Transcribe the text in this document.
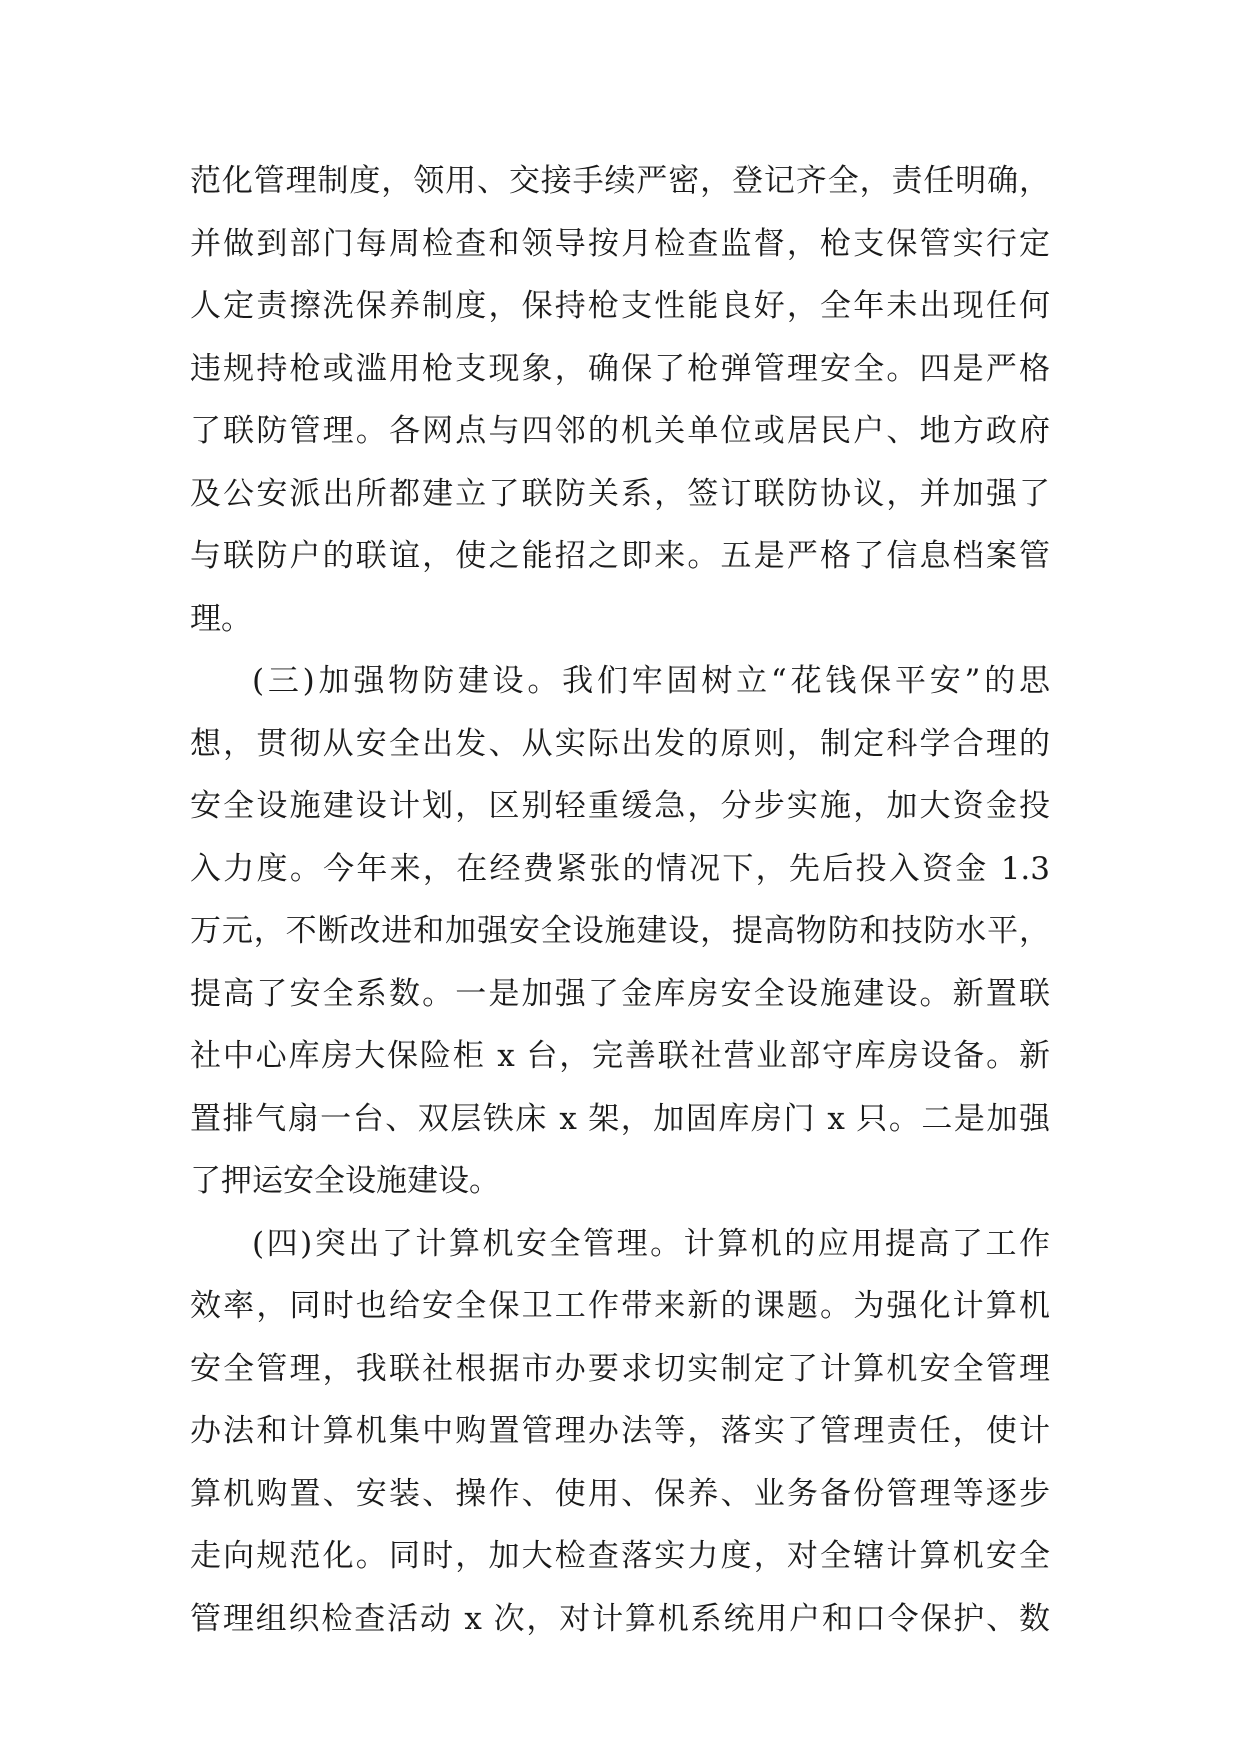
范化管理制度，领用、交接手续严密，登记齐全，责任明确，
并做到部门每周检查和领导按月检查监督，枪支保管实行定
人定责擦洗保养制度，保持枪支性能良好，全年未出现任何
违规持枪或滥用枪支现象，确保了枪弹管理安全。四是严格
了联防管理。各网点与四邻的机关单位或居民户、地方政府
及公安派出所都建立了联防关系，签订联防协议，并加强了
与联防户的联谊，使之能招之即来。五是严格了信息档案管
理。
(三)加强物防建设。我们牢固树立“花钱保平安”的思
想，贯彻从安全出发、从实际出发的原则，制定科学合理的
安全设施建设计划，区别轻重缓急，分步实施，加大资金投
入力度。今年来，在经费紧张的情况下，先后投入资金 1.3
万元，不断改进和加强安全设施建设，提高物防和技防水平，
提高了安全系数。一是加强了金库房安全设施建设。新置联
社中心库房大保险柜 x 台，完善联社营业部守库房设备。新
置排气扇一台、双层铁床 x 架，加固库房门 x 只。二是加强
了押运安全设施建设。
(四)突出了计算机安全管理。计算机的应用提高了工作
效率，同时也给安全保卫工作带来新的课题。为强化计算机
安全管理，我联社根据市办要求切实制定了计算机安全管理
办法和计算机集中购置管理办法等，落实了管理责任，使计
算机购置、安装、操作、使用、保养、业务备份管理等逐步
走向规范化。同时，加大检查落实力度，对全辖计算机安全
管理组织检查活动 x 次，对计算机系统用户和口令保护、数
